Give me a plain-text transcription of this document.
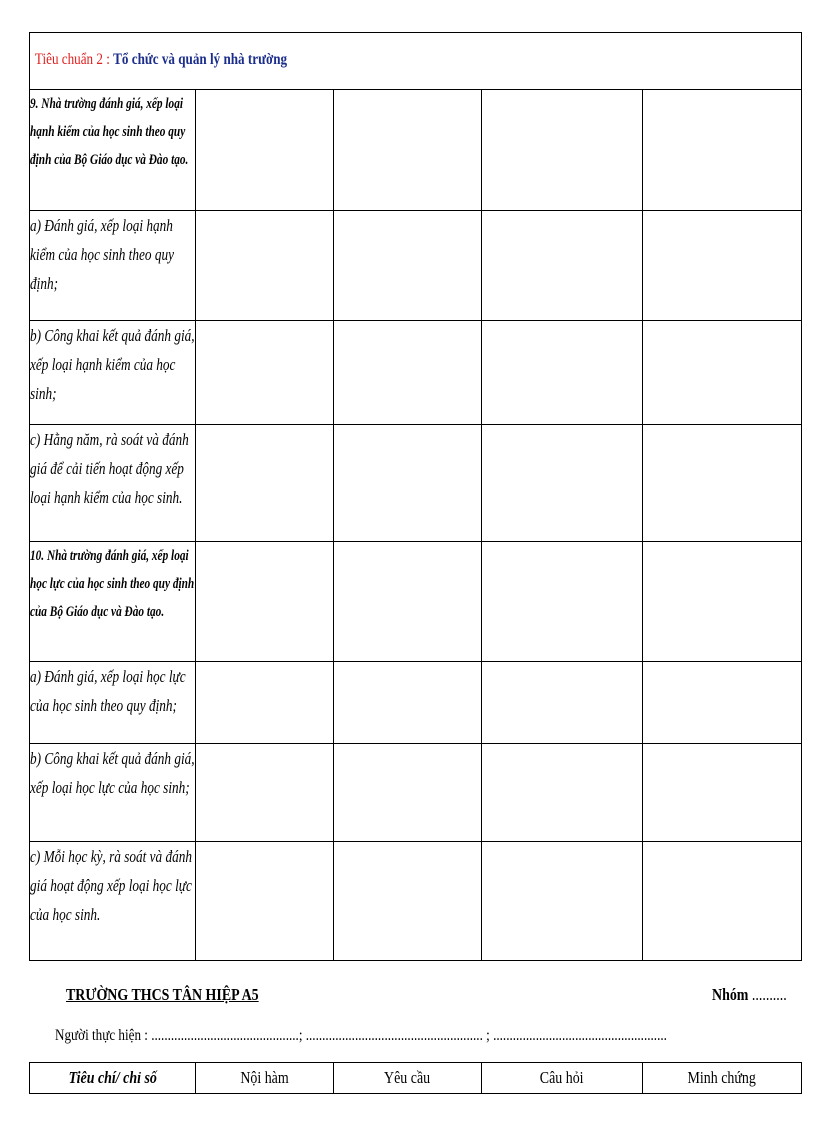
Tiêu chuẩn 2 : Tổ chức và quản lý nhà trường				

9. Nhà trường đánh giá, xếp loại hạnh kiểm của học sinh theo quy định của Bộ Giáo dục và Đào tạo.				

a) Đánh giá, xếp loại hạnh kiểm của học sinh theo quy định;				

b) Công khai kết quả đánh giá, xếp loại hạnh kiểm của học sinh;				

c) Hằng năm, rà soát và đánh giá để cải tiến hoạt động xếp loại hạnh kiểm của học sinh.				

10. Nhà trường đánh giá, xếp loại học lực của học sinh theo quy định của Bộ Giáo dục và Đào tạo.				

a) Đánh giá, xếp loại học lực của học sinh theo quy định;				

b) Công khai kết quả đánh giá, xếp loại học lực của học sinh;				

c) Mỗi học kỳ, rà soát và đánh giá hoạt động xếp loại học lực của học sinh.				

TRƯỜNG THCS TÂN HIỆP A5	Nhóm ..........
Người thực hiện : .............................................; ...................................................... ; .....................................................
Tiêu chí/ chỉ số	Nội hàm	Yêu cầu	Câu hỏi	Minh chứng
